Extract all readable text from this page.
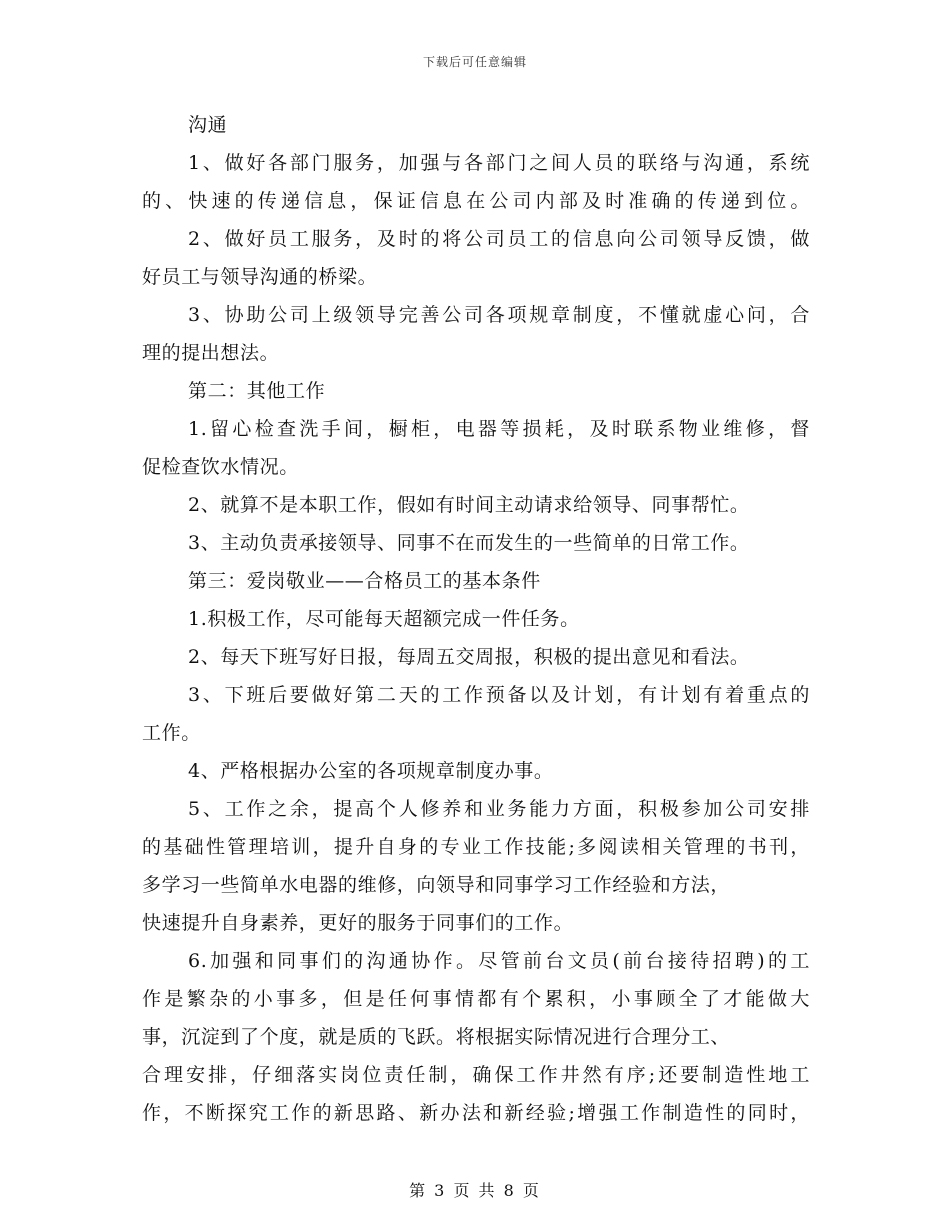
下载后可任意编辑
沟通
1、做好各部门服务，加强与各部门之间人员的联络与沟通，系统
的、快速的传递信息，保证信息在公司内部及时准确的传递到位。
2、做好员工服务，及时的将公司员工的信息向公司领导反馈，做
好员工与领导沟通的桥梁。
3、协助公司上级领导完善公司各项规章制度，不懂就虚心问，合
理的提出想法。
第二：其他工作
1.留心检查洗手间，橱柜，电器等损耗，及时联系物业维修，督
促检查饮水情况。
2、就算不是本职工作，假如有时间主动请求给领导、同事帮忙。
3、主动负责承接领导、同事不在而发生的一些简单的日常工作。
第三：爱岗敬业——合格员工的基本条件
1.积极工作，尽可能每天超额完成一件任务。
2、每天下班写好日报，每周五交周报，积极的提出意见和看法。
3、下班后要做好第二天的工作预备以及计划，有计划有着重点的
工作。
4、严格根据办公室的各项规章制度办事。
5、工作之余，提高个人修养和业务能力方面，积极参加公司安排
的基础性管理培训，提升自身的专业工作技能;多阅读相关管理的书刊，
多学习一些简单水电器的维修，向领导和同事学习工作经验和方法，
快速提升自身素养，更好的服务于同事们的工作。
6.加强和同事们的沟通协作。尽管前台文员(前台接待招聘)的工
作是繁杂的小事多，但是任何事情都有个累积，小事顾全了才能做大
事，沉淀到了个度，就是质的飞跃。将根据实际情况进行合理分工、
合理安排，仔细落实岗位责任制，确保工作井然有序;还要制造性地工
作，不断探究工作的新思路、新办法和新经验;增强工作制造性的同时，
第 3 页 共 8 页
